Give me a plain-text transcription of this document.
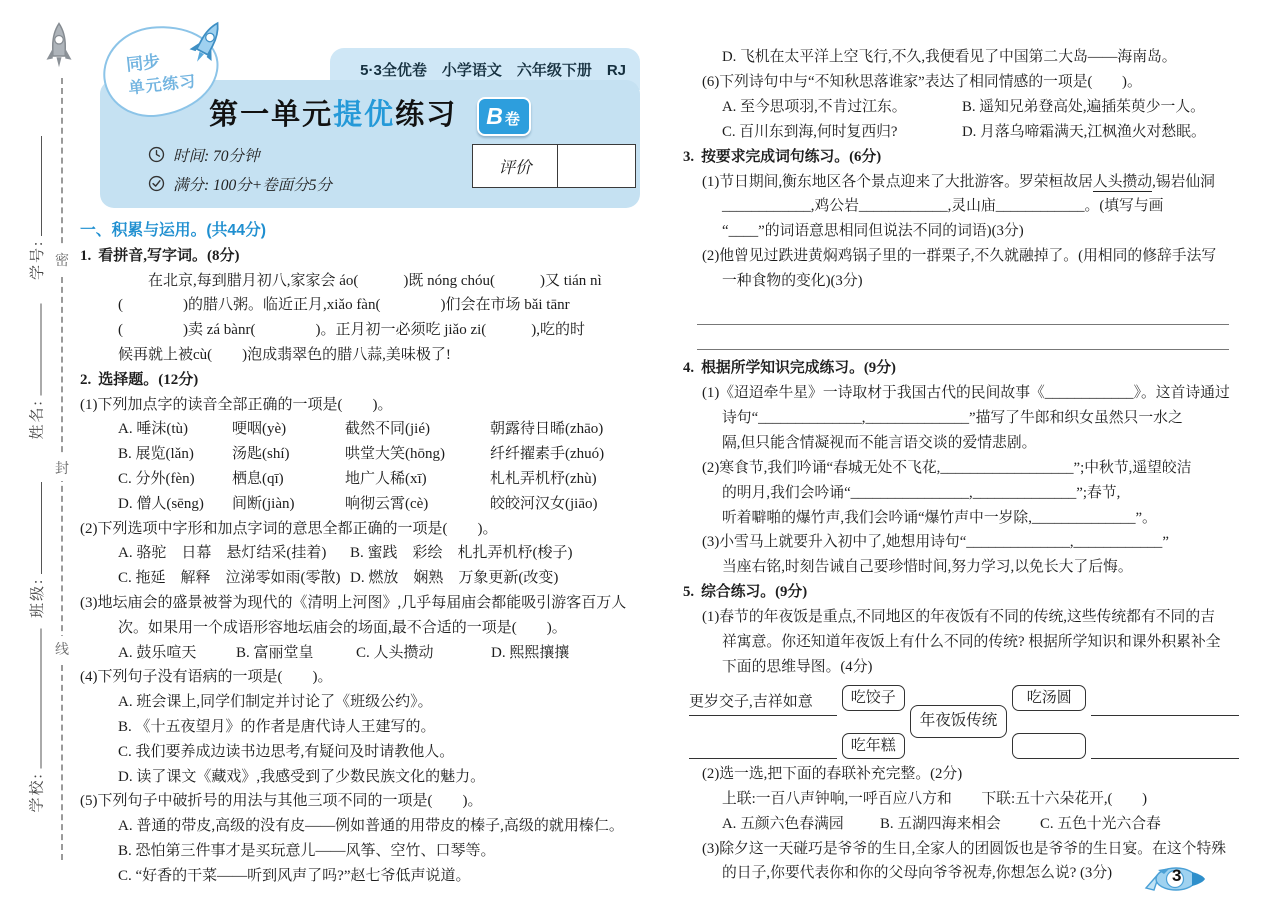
密
封
线
学号:
姓名:
班级:
学校:
5·3全优卷　小学语文　六年级下册　RJ
第一单元提优练习 B卷
时间: 70分钟
满分: 100分+卷面分5分
评价
同步
单元练习
一、积累与运用。(共44分)
1. 看拼音,写字词。(8分)
在北京,每到腊月初八,家家会 áo(　　　)既 nóng chóu(　　　)又 tián nì
(　　　　)的腊八粥。临近正月,xiǎo fàn(　　　　)们会在市场 bǎi tānr
(　　　　)卖 zá bànr(　　　　)。正月初一必须吃 jiǎo zi(　　　),吃的时
候再就上被cù(　　)泡成翡翠色的腊八蒜,美味极了!
2. 选择题。(12分)
(1)下列加点字的读音全部正确的一项是(　　)。
A. 唾沫(tù)	哽咽(yè)	截然不同(jié)	朝露待日晞(zhāo)
B. 展览(lǎn)	汤匙(shí)	哄堂大笑(hōng)	纤纤擢素手(zhuó)
C. 分外(fèn)	栖息(qī)	地广人稀(xī)	札札弄机杼(zhù)
D. 僧人(sēng)	间断(jiàn)	响彻云霄(cè)	皎皎河汉女(jiāo)
(2)下列选项中字形和加点字词的意思全都正确的一项是(　　)。
A. 骆驼　日幕　悬灯结采(挂着)	B. 蜜践　彩绘　札扎弄机杼(梭子)
C. 拖延　解释　泣涕零如雨(零散) D. 燃放　娴熟　万象更新(改变)
(3)地坛庙会的盛景被誉为现代的《清明上河图》,几乎每届庙会都能吸引游客百万人
次。如果用一个成语形容地坛庙会的场面,最不合适的一项是(　　)。
A. 鼓乐喧天	B. 富丽堂皇	C. 人头攒动	D. 熙熙攘攘
(4)下列句子没有语病的一项是(　　)。
A. 班会课上,同学们制定并讨论了《班级公约》。
B. 《十五夜望月》的作者是唐代诗人王建写的。
C. 我们要养成边读书边思考,有疑问及时请教他人。
D. 读了课文《藏戏》,我感受到了少数民族文化的魅力。
(5)下列句子中破折号的用法与其他三项不同的一项是(　　)。
A. 普通的带皮,高级的没有皮——例如普通的用带皮的榛子,高级的就用榛仁。
B. 恐怕第三件事才是买玩意儿——风筝、空竹、口琴等。
C. “好香的干菜——听到风声了吗?”赵七爷低声说道。
D. 飞机在太平洋上空飞行,不久,我便看见了中国第二大岛——海南岛。
(6)下列诗句中与“不知秋思落谁家”表达了相同情感的一项是(　　)。
A. 至今思项羽,不肯过江东。	B. 遥知兄弟登高处,遍插茱萸少一人。
C. 百川东到海,何时复西归?	D. 月落乌啼霜满天,江枫渔火对愁眠。
3. 按要求完成词句练习。(6分)
(1)节日期间,衡东地区各个景点迎来了大批游客。罗荣桓故居人头攒动,锡岩仙洞
____________,鸡公岩____________,灵山庙____________。(填写与画
“____”的词语意思相同但说法不同的词语)(3分)
(2)他曾见过跌进黄焖鸡锅子里的一群栗子,不久就融掉了。(用相同的修辞手法写
一种食物的变化)(3分)
4. 根据所学知识完成练习。(9分)
(1)《迢迢牵牛星》一诗取材于我国古代的民间故事《____________》。这首诗通过
诗句“______________,______________”描写了牛郎和织女虽然只一水之
隔,但只能含情凝视而不能言语交谈的爱情悲剧。
(2)寒食节,我们吟诵“春城无处不飞花,__________________”;中秋节,遥望皎洁
的明月,我们会吟诵“________________,______________”;春节,
听着噼啪的爆竹声,我们会吟诵“爆竹声中一岁除,______________”。
(3)小雪马上就要升入初中了,她想用诗句“______________,____________”
当座右铭,时刻告诫自己要珍惜时间,努力学习,以免长大了后悔。
5. 综合练习。(9分)
(1)春节的年夜饭是重点,不同地区的年夜饭有不同的传统,这些传统都有不同的吉
祥寓意。你还知道年夜饭上有什么不同的传统? 根据所学知识和课外积累补全
下面的思维导图。(4分)
更岁交子,吉祥如意	吃饺子
吃年糕
年夜饭传统
吃汤圆
(2)选一选,把下面的春联补充完整。(2分)
上联:一百八声钟响,一呼百应八方和　　下联:五十六朵花开,(　　)
A. 五颜六色春满园	B. 五湖四海来相会	C. 五色十光六合春
(3)除夕这一天碰巧是爷爷的生日,全家人的团圆饭也是爷爷的生日宴。在这个特殊
的日子,你要代表你和你的父母向爷爷祝寿,你想怎么说? (3分)	3
